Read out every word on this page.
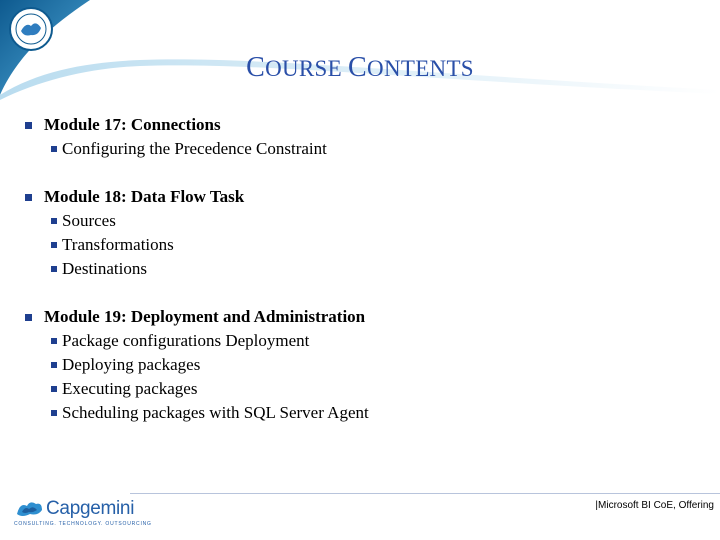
COURSE CONTENTS
Module 17: Connections
Configuring the Precedence Constraint
Module 18: Data Flow Task
Sources
Transformations
Destinations
Module 19: Deployment and Administration
Package configurations Deployment
Deploying packages
Executing packages
Scheduling packages with SQL Server Agent
|Microsoft BI CoE, Offering
Capgemini
CONSULTING. TECHNOLOGY. OUTSOURCING
